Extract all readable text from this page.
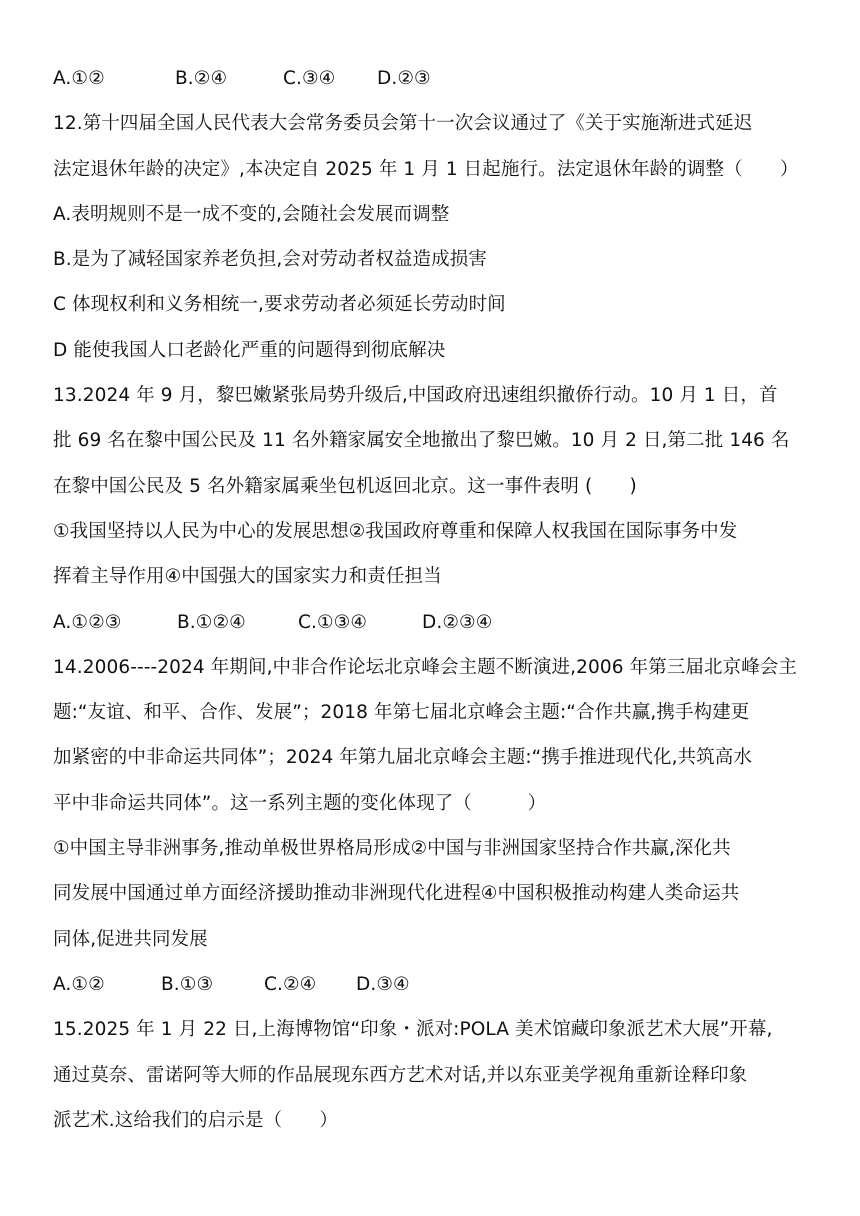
A.①②	B.②④	C.③④	D.②③
12.第十四届全国人民代表大会常务委员会第十一次会议通过了《关于实施渐进式延迟
法定退休年龄的决定》,本决定自 2025 年 1 月 1 日起施行。法定退休年龄的调整（　　）
A.表明规则不是一成不变的,会随社会发展而调整
B.是为了减轻国家养老负担,会对劳动者权益造成损害
C 体现权利和义务相统一,要求劳动者必须延长劳动时间
D 能使我国人口老龄化严重的问题得到彻底解决
13.2024 年 9 月，黎巴嫩紧张局势升级后,中国政府迅速组织撤侨行动。10 月 1 日，首
批 69 名在黎中国公民及 11 名外籍家属安全地撤出了黎巴嫩。10 月 2 日,第二批 146 名
在黎中国公民及 5 名外籍家属乘坐包机返回北京。这一事件表明 (　　)
①我国坚持以人民为中心的发展思想②我国政府尊重和保障人权我国在国际事务中发
挥着主导作用④中国强大的国家实力和责任担当
A.①②③	B.①②④	C.①③④	D.②③④
14.2006----2024 年期间,中非合作论坛北京峰会主题不断演进,2006 年第三届北京峰会主
题:“友谊、和平、合作、发展”；2018 年第七届北京峰会主题:“合作共赢,携手构建更
加紧密的中非命运共同体”；2024 年第九届北京峰会主题:“携手推进现代化,共筑高水
平中非命运共同体”。这一系列主题的变化体现了（　　　）
①中国主导非洲事务,推动单极世界格局形成②中国与非洲国家坚持合作共赢,深化共
同发展中国通过单方面经济援助推动非洲现代化进程④中国积极推动构建人类命运共
同体,促进共同发展
A.①②	B.①③	C.②④	D.③④
15.2025 年 1 月 22 日,上海博物馆“印象・派对:POLA 美术馆藏印象派艺术大展”开幕,
通过莫奈、雷诺阿等大师的作品展现东西方艺术对话,并以东亚美学视角重新诠释印象
派艺术.这给我们的启示是（　　）
